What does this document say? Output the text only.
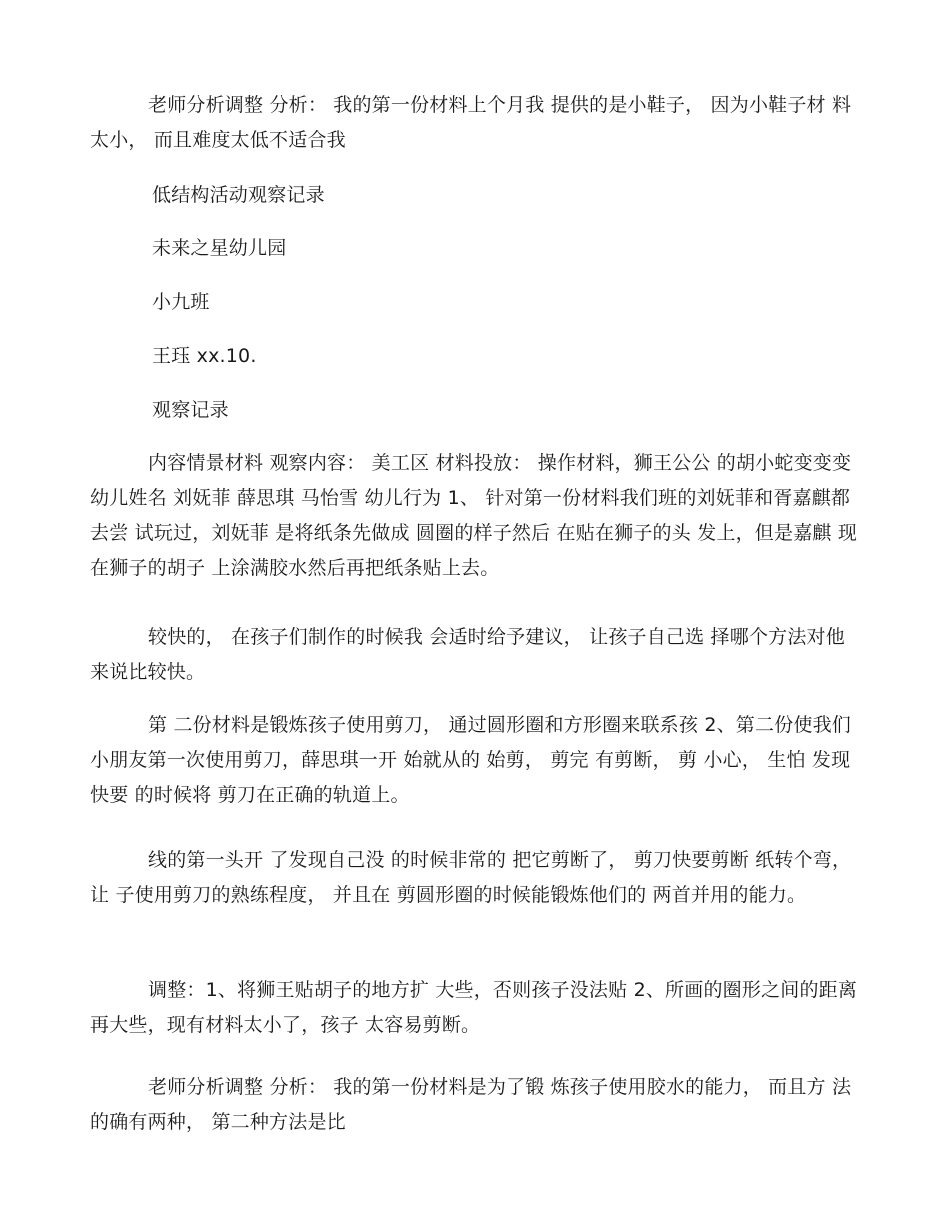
老师分析调整 分析： 我的第一份材料上个月我 提供的是小鞋子， 因为小鞋子材 料太小， 而且难度太低不适合我

低结构活动观察记录

未来之星幼儿园

小九班

王珏 xx.10.

观察记录

内容情景材料 观察内容： 美工区 材料投放： 操作材料，狮王公公 的胡小蛇变变变 幼儿姓名 刘妩菲 薛思琪 马怡雪 幼儿行为 1、 针对第一份材料我们班的刘妩菲和胥嘉麒都去尝 试玩过，刘妩菲 是将纸条先做成 圆圈的样子然后 在贴在狮子的头 发上，但是嘉麒 现在狮子的胡子 上涂满胶水然后再把纸条贴上去。

较快的， 在孩子们制作的时候我 会适时给予建议， 让孩子自己选 择哪个方法对他来说比较快。

第 二份材料是锻炼孩子使用剪刀， 通过圆形圈和方形圈来联系孩 2、第二份使我们小朋友第一次使用剪刀，薛思琪一开 始就从的 始剪， 剪完 有剪断， 剪 小心， 生怕 发现快要 的时候将 剪刀在正确的轨道上。

线的第一头开 了发现自己没 的时候非常的 把它剪断了， 剪刀快要剪断 纸转个弯，让 子使用剪刀的熟练程度， 并且在 剪圆形圈的时候能锻炼他们的 两首并用的能力。

调整：1、将狮王贴胡子的地方扩 大些，否则孩子没法贴 2、所画的圈形之间的距离 再大些，现有材料太小了，孩子 太容易剪断。

老师分析调整 分析： 我的第一份材料是为了锻 炼孩子使用胶水的能力， 而且方 法的确有两种， 第二种方法是比
